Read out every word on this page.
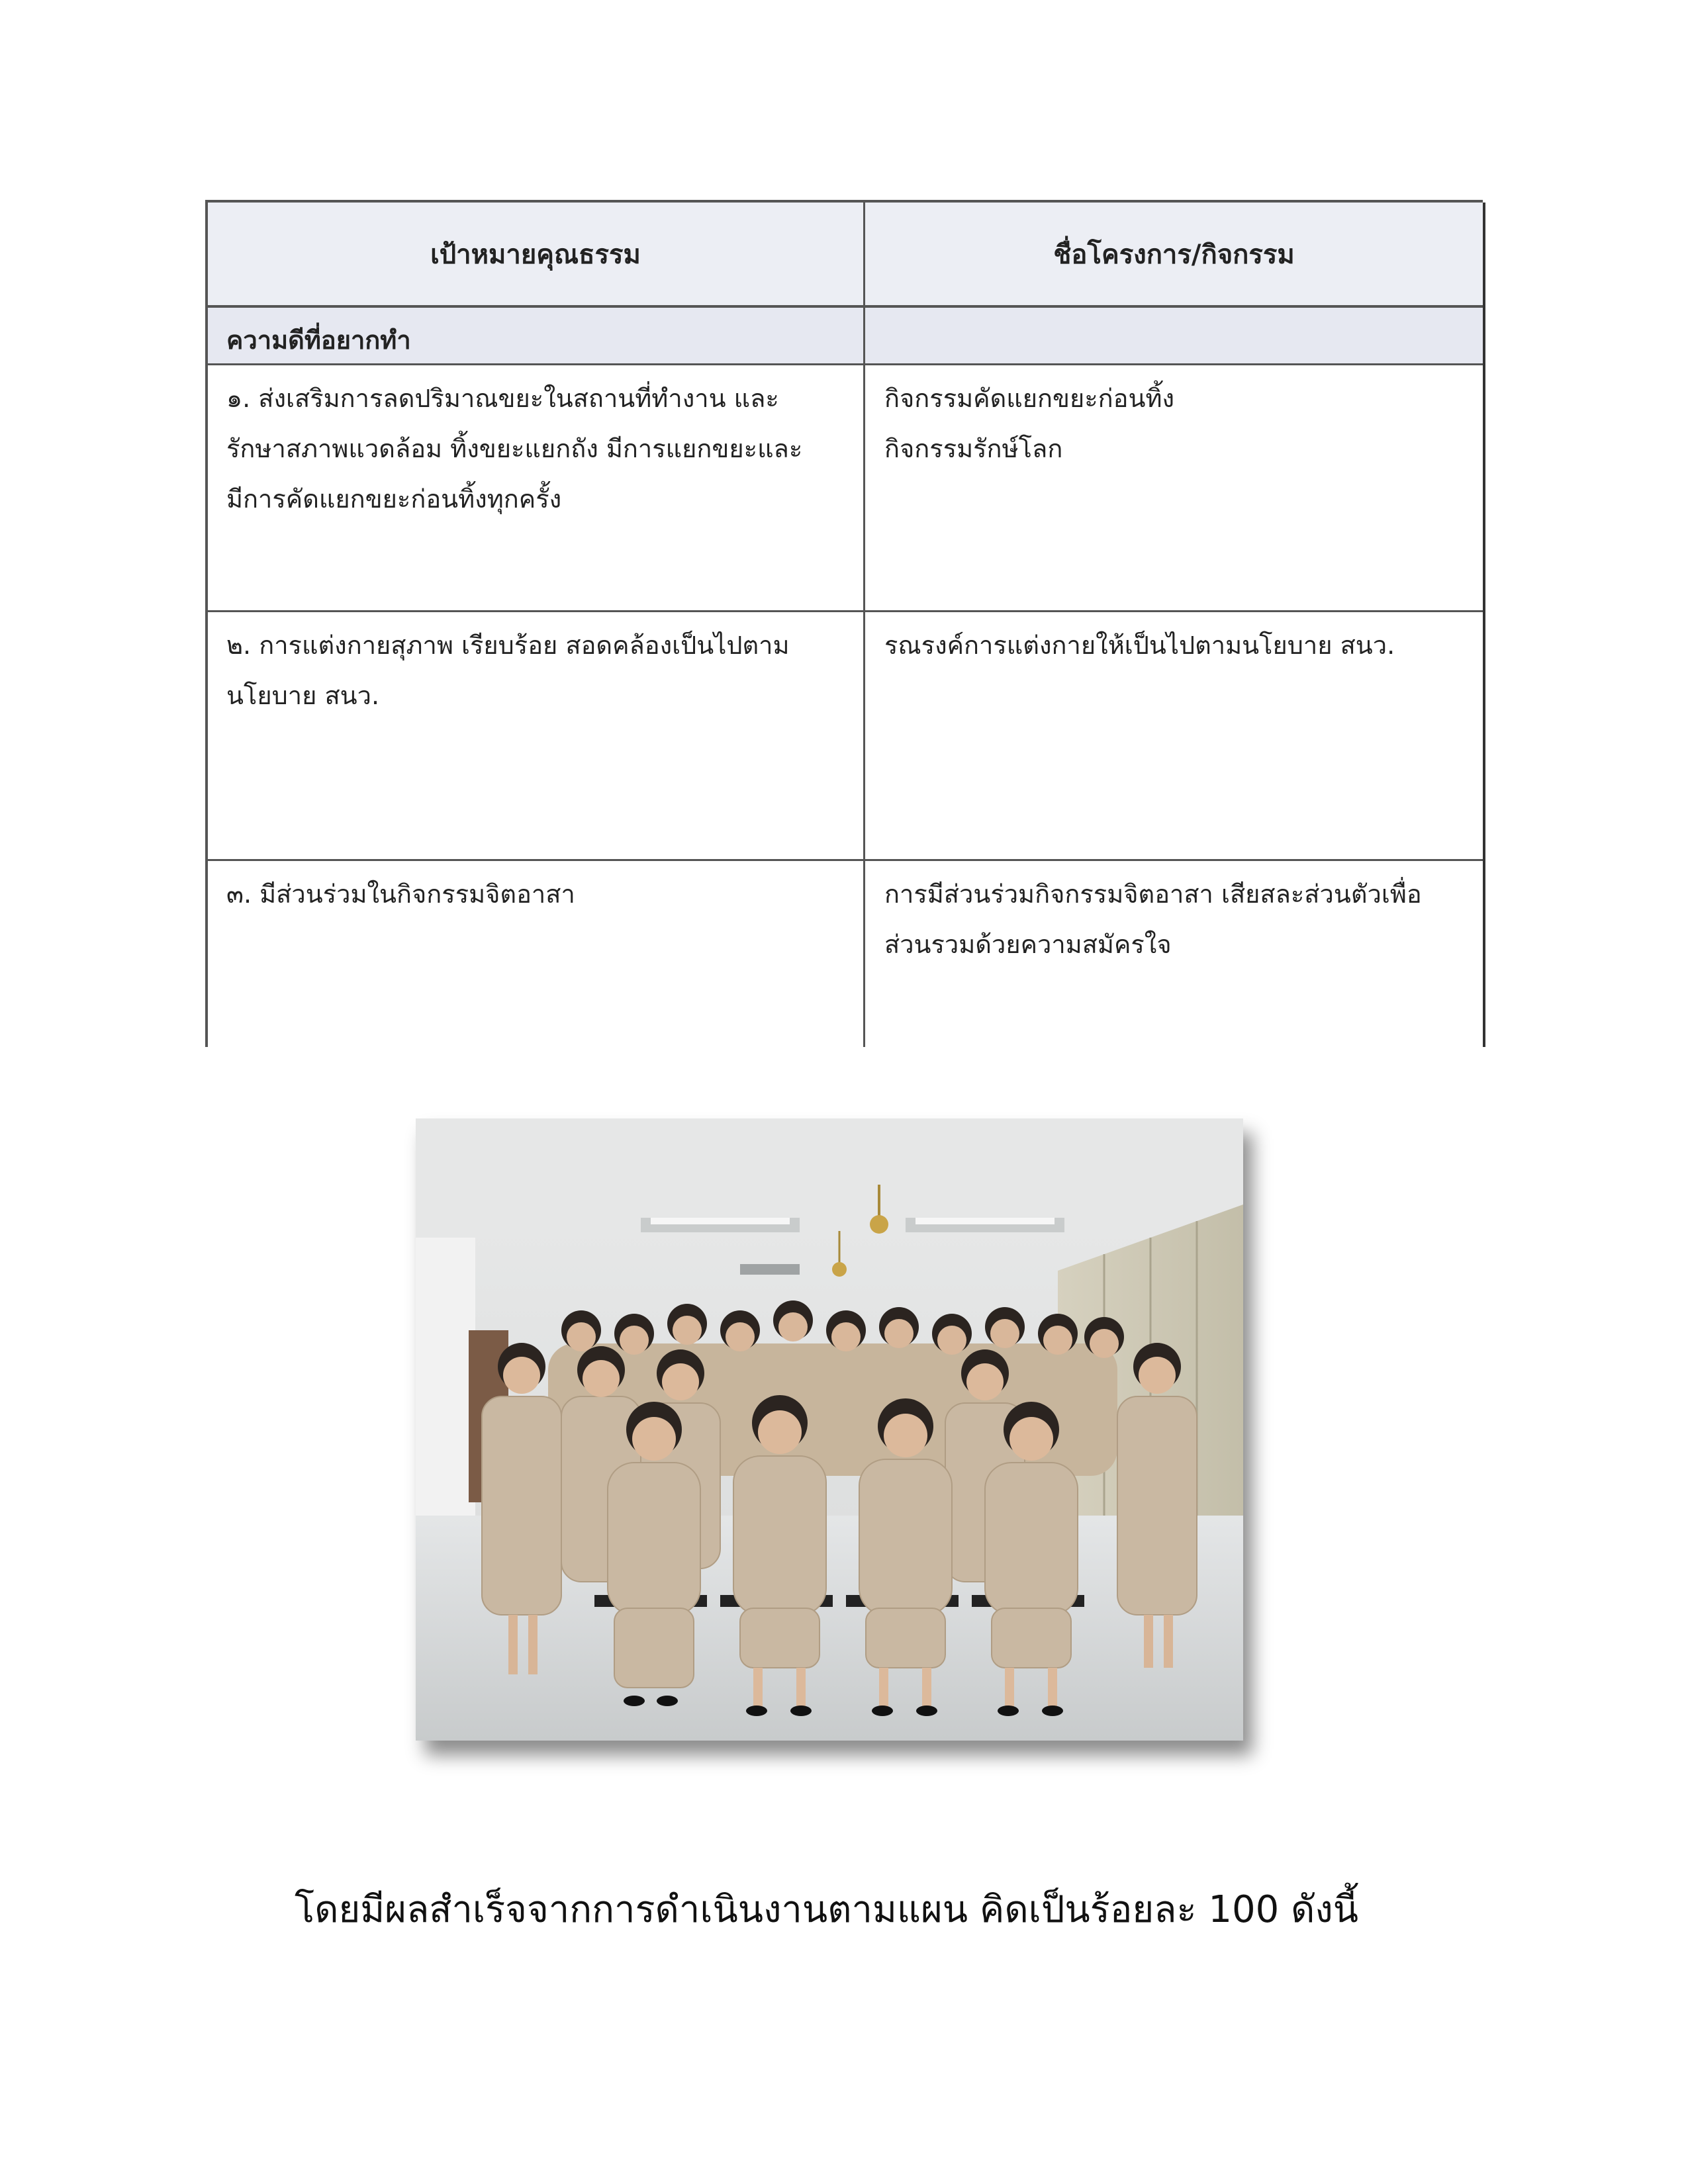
เป้าหมายคุณธรรม	ชื่อโครงการ/กิจกรรม
ความดีที่อยากทำ
๑. ส่งเสริมการลดปริมาณขยะในสถานที่ทำงาน และ
รักษาสภาพแวดล้อม ทิ้งขยะแยกถัง มีการแยกขยะและ
มีการคัดแยกขยะก่อนทิ้งทุกครั้ง
กิจกรรมคัดแยกขยะก่อนทิ้ง
กิจกรรมรักษ์โลก
๒. การแต่งกายสุภาพ เรียบร้อย สอดคล้องเป็นไปตาม
นโยบาย สนว.
รณรงค์การแต่งกายให้เป็นไปตามนโยบาย สนว.
๓. มีส่วนร่วมในกิจกรรมจิตอาสา	การมีส่วนร่วมกิจกรรมจิตอาสา เสียสละส่วนตัวเพื่อ
ส่วนรวมด้วยความสมัครใจ
โดยมีผลสำเร็จจากการดำเนินงานตามแผน คิดเป็นร้อยละ 100 ดังนี้
